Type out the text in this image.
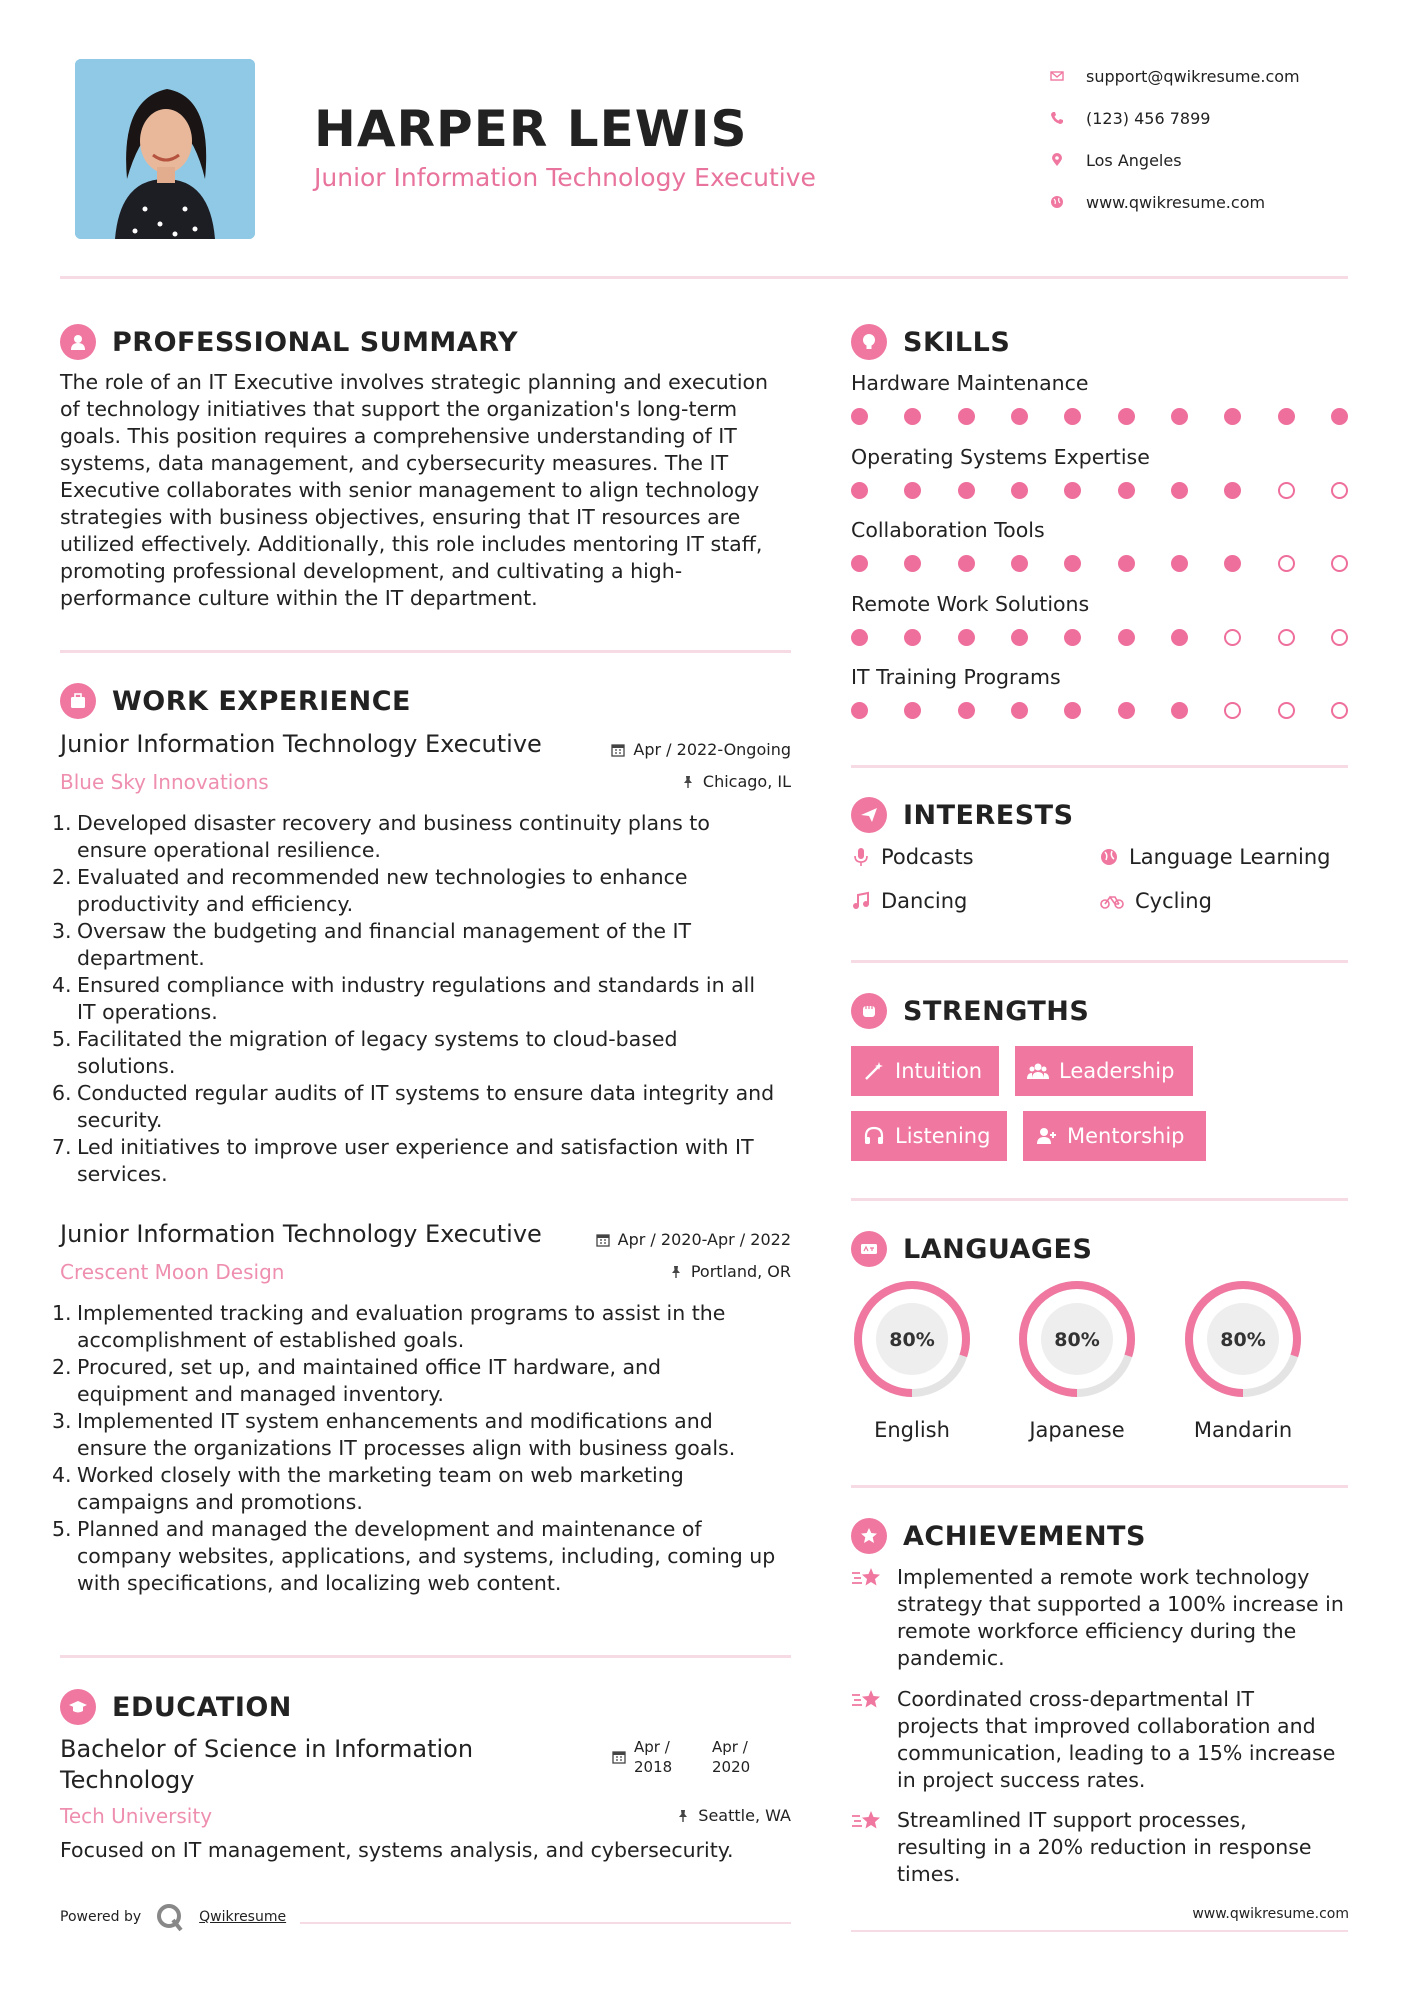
HARPER LEWIS
Junior Information Technology Executive
support@qwikresume.com
(123) 456 7899
Los Angeles
www.qwikresume.com
PROFESSIONAL SUMMARY
The role of an IT Executive involves strategic planning and execution
of technology initiatives that support the organization's long-term
goals. This position requires a comprehensive understanding of IT
systems, data management, and cybersecurity measures. The IT
Executive collaborates with senior management to align technology
strategies with business objectives, ensuring that IT resources are
utilized effectively. Additionally, this role includes mentoring IT staff,
promoting professional development, and cultivating a high-
performance culture within the IT department.
WORK EXPERIENCE
Junior Information Technology Executive	Apr / 2022-Ongoing
Blue Sky Innovations	Chicago, IL
1. Developed disaster recovery and business continuity plans to
ensure operational resilience.
2. Evaluated and recommended new technologies to enhance
productivity and efficiency.
3. Oversaw the budgeting and financial management of the IT
department.
4. Ensured compliance with industry regulations and standards in all
IT operations.
5. Facilitated the migration of legacy systems to cloud-based
solutions.
6. Conducted regular audits of IT systems to ensure data integrity and
security.
7. Led initiatives to improve user experience and satisfaction with IT
services.
Junior Information Technology Executive	Apr / 2020-Apr / 2022
Crescent Moon Design	Portland, OR
1. Implemented tracking and evaluation programs to assist in the
accomplishment of established goals.
2. Procured, set up, and maintained office IT hardware, and
equipment and managed inventory.
3. Implemented IT system enhancements and modifications and
ensure the organizations IT processes align with business goals.
4. Worked closely with the marketing team on web marketing
campaigns and promotions.
5. Planned and managed the development and maintenance of
company websites, applications, and systems, including, coming up
with specifications, and localizing web content.
EDUCATION
Bachelor of Science in Information
Technology
Apr /
2018
Apr /
2020
Tech University	Seattle, WA
Focused on IT management, systems analysis, and cybersecurity.
Powered by	Qwikresume
SKILLS
Hardware Maintenance
Operating Systems Expertise
Collaboration Tools
Remote Work Solutions
IT Training Programs
INTERESTS
Podcasts	Language Learning
Dancing	Cycling
STRENGTHS
Intuition	Leadership
Listening	Mentorship
LANGUAGES
80%
English
80%
Japanese
80%
Mandarin
ACHIEVEMENTS
Implemented a remote work technology
strategy that supported a 100% increase in
remote workforce efficiency during the
pandemic.
Coordinated cross-departmental IT
projects that improved collaboration and
communication, leading to a 15% increase
in project success rates.
Streamlined IT support processes,
resulting in a 20% reduction in response
times.
www.qwikresume.com
